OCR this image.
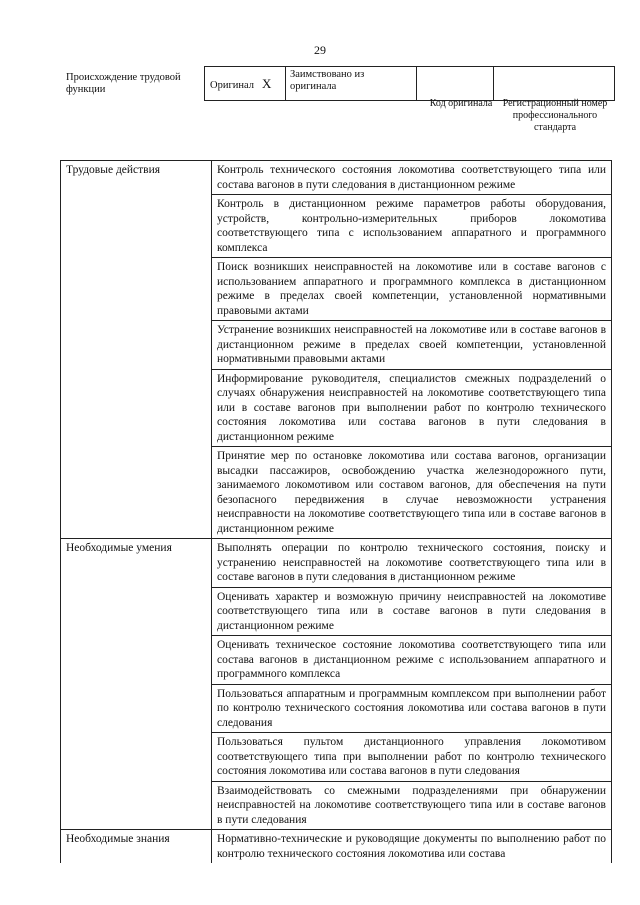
29
Происхождение трудовой функции	Оригинал X	Заимствовано из оригинала		
Код оригинала Регистрационный номер профессионального стандарта
Трудовые действия	Контроль технического состояния локомотива соответствующего типа или состава вагонов в пути следования в дистанционном режиме
	Контроль в дистанционном режиме параметров работы оборудования, устройств, контрольно-измерительных приборов локомотива соответствующего типа с использованием аппаратного и программного комплекса
	Поиск возникших неисправностей на локомотиве или в составе вагонов с использованием аппаратного и программного комплекса в дистанционном режиме в пределах своей компетенции, установленной нормативными правовыми актами
	Устранение возникших неисправностей на локомотиве или в составе вагонов в дистанционном режиме в пределах своей компетенции, установленной нормативными правовыми актами
	Информирование руководителя, специалистов смежных подразделений о случаях обнаружения неисправностей на локомотиве соответствующего типа или в составе вагонов при выполнении работ по контролю технического состояния локомотива или состава вагонов в пути следования в дистанционном режиме
	Принятие мер по остановке локомотива или состава вагонов, организации высадки пассажиров, освобождению участка железнодорожного пути, занимаемого локомотивом или составом вагонов, для обеспечения на пути безопасного передвижения в случае невозможности устранения неисправности на локомотиве соответствующего типа или в составе вагонов в дистанционном режиме
Необходимые умения	Выполнять операции по контролю технического состояния, поиску и устранению неисправностей на локомотиве соответствующего типа или в составе вагонов в пути следования в дистанционном режиме
	Оценивать характер и возможную причину неисправностей на локомотиве соответствующего типа или в составе вагонов в пути следования в дистанционном режиме
	Оценивать техническое состояние локомотива соответствующего типа или состава вагонов в дистанционном режиме с использованием аппаратного и программного комплекса
	Пользоваться аппаратным и программным комплексом при выполнении работ по контролю технического состояния локомотива или состава вагонов в пути следования
	Пользоваться пультом дистанционного управления локомотивом соответствующего типа при выполнении работ по контролю технического состояния локомотива или состава вагонов в пути следования
	Взаимодействовать со смежными подразделениями при обнаружении неисправностей на локомотиве соответствующего типа или в составе вагонов в пути следования
Необходимые знания	Нормативно-технические и руководящие документы по выполнению работ по контролю технического состояния локомотива или состава
